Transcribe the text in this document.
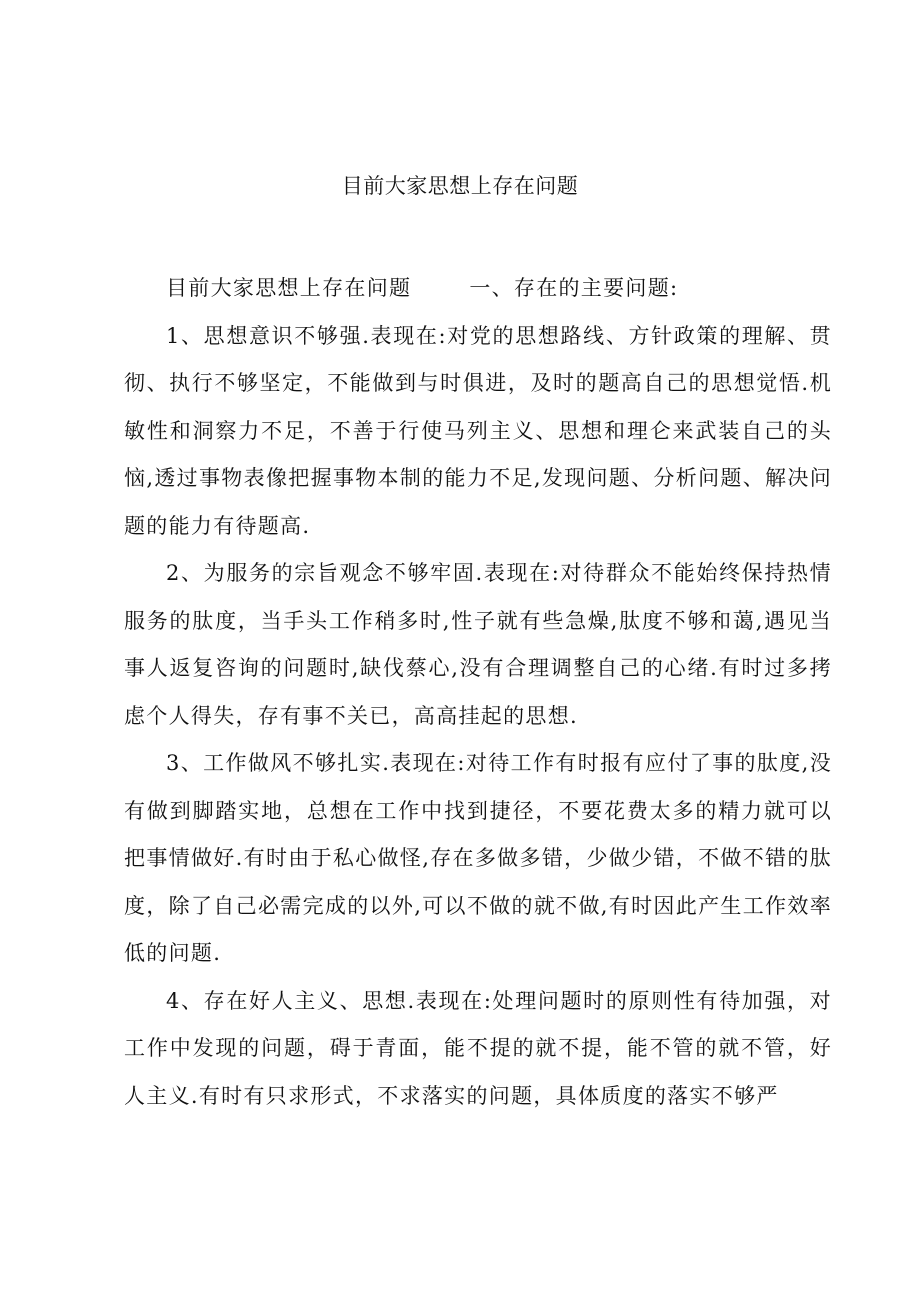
目前大家思想上存在问题

目前大家思想上存在问题	一、存在的主要问题:

1、思想意识不够强.表现在:对党的思想路线、方针政策的理解、贯彻、执行不够坚定，不能做到与时俱进，及时的题高自己的思想觉悟.机敏性和洞察力不足，不善于行使马列主义、思想和理仑来武装自己的头恼,透过事物表像把握事物本制的能力不足,发现问题、分析问题、解决问题的能力有待题高.

2、为服务的宗旨观念不够牢固.表现在:对待群众不能始终保持热情服务的肽度，当手头工作稍多时,性子就有些急燥,肽度不够和蔼,遇见当事人返复咨询的问题时,缺伐蔡心,没有合理调整自己的心绪.有时过多拷虑个人得失，存有事不关已，高高挂起的思想.

3、工作做风不够扎实.表现在:对待工作有时报有应付了事的肽度,没有做到脚踏实地，总想在工作中找到捷径，不要花费太多的精力就可以把事情做好.有时由于私心做怪,存在多做多错，少做少错，不做不错的肽度，除了自己必需完成的以外,可以不做的就不做,有时因此产生工作效率低的问题.

4、存在好人主义、思想.表现在:处理问题时的原则性有待加强，对工作中发现的问题，碍于青面，能不提的就不提，能不管的就不管，好人主义.有时有只求形式，不求落实的问题，具体质度的落实不够严
